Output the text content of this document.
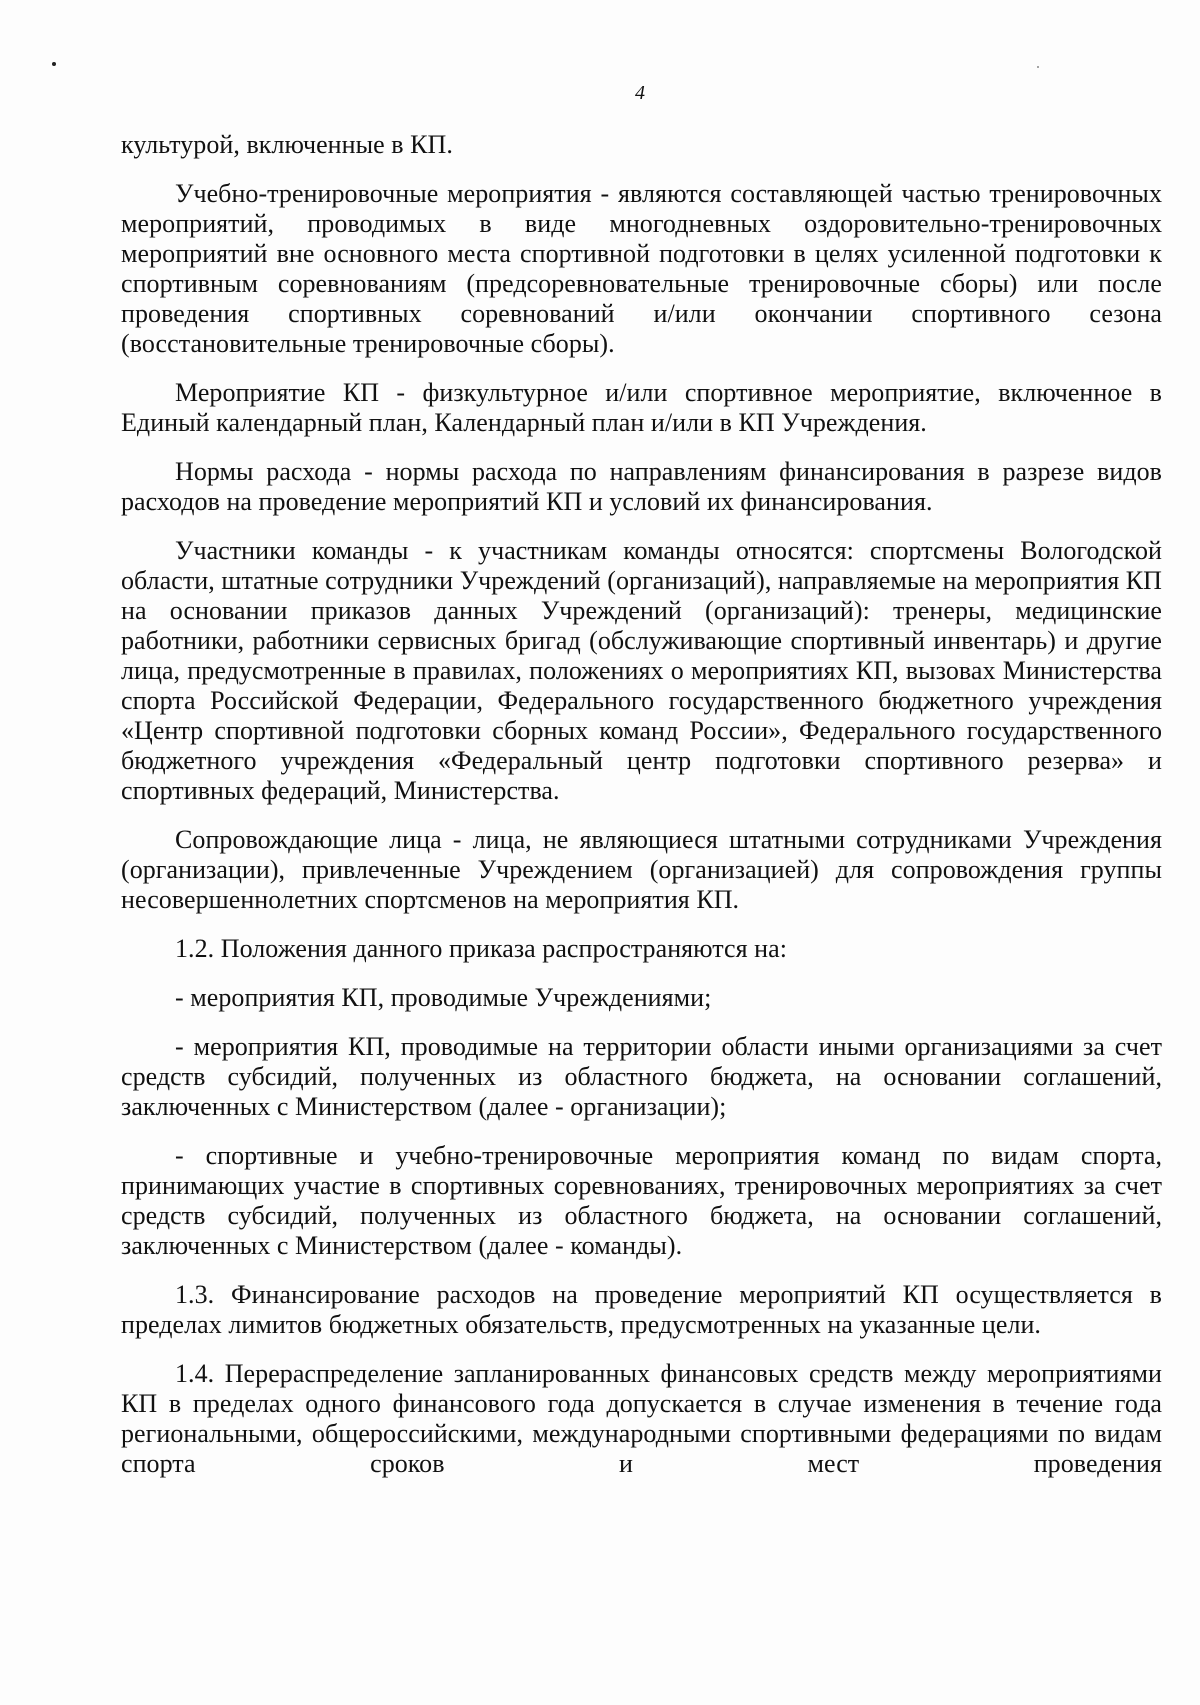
4

культурой, включенные в КП.

Учебно-тренировочные мероприятия - являются составляющей частью тренировочных мероприятий, проводимых в виде многодневных оздоровительно-тренировочных мероприятий вне основного места спортивной подготовки в целях усиленной подготовки к спортивным соревнованиям (предсоревновательные тренировочные сборы) или после проведения спортивных соревнований и/или окончании спортивного сезона (восстановительные тренировочные сборы).

Мероприятие КП - физкультурное и/или спортивное мероприятие, включенное в Единый календарный план, Календарный план и/или в КП Учреждения.

Нормы расхода - нормы расхода по направлениям финансирования в разрезе видов расходов на проведение мероприятий КП и условий их финансирования.

Участники команды - к участникам команды относятся: спортсмены Вологодской области, штатные сотрудники Учреждений (организаций), направляемые на мероприятия КП на основании приказов данных Учреждений (организаций): тренеры, медицинские работники, работники сервисных бригад (обслуживающие спортивный инвентарь) и другие лица, предусмотренные в правилах, положениях о мероприятиях КП, вызовах Министерства спорта Российской Федерации, Федерального государственного бюджетного учреждения «Центр спортивной подготовки сборных команд России», Федерального государственного бюджетного учреждения «Федеральный центр подготовки спортивного резерва» и спортивных федераций, Министерства.

Сопровождающие лица - лица, не являющиеся штатными сотрудниками Учреждения (организации), привлеченные Учреждением (организацией) для сопровождения группы несовершеннолетних спортсменов на мероприятия КП.

1.2. Положения данного приказа распространяются на:

- мероприятия КП, проводимые Учреждениями;

- мероприятия КП, проводимые на территории области иными организациями за счет средств субсидий, полученных из областного бюджета, на основании соглашений, заключенных с Министерством (далее - организации);

- спортивные и учебно-тренировочные мероприятия команд по видам спорта, принимающих участие в спортивных соревнованиях, тренировочных мероприятиях за счет средств субсидий, полученных из областного бюджета, на основании соглашений, заключенных с Министерством (далее - команды).

1.3. Финансирование расходов на проведение мероприятий КП осуществляется в пределах лимитов бюджетных обязательств, предусмотренных на указанные цели.

1.4. Перераспределение запланированных финансовых средств между мероприятиями КП в пределах одного финансового года допускается в случае изменения в течение года региональными, общероссийскими, международными спортивными федерациями по видам спорта сроков и мест проведения
